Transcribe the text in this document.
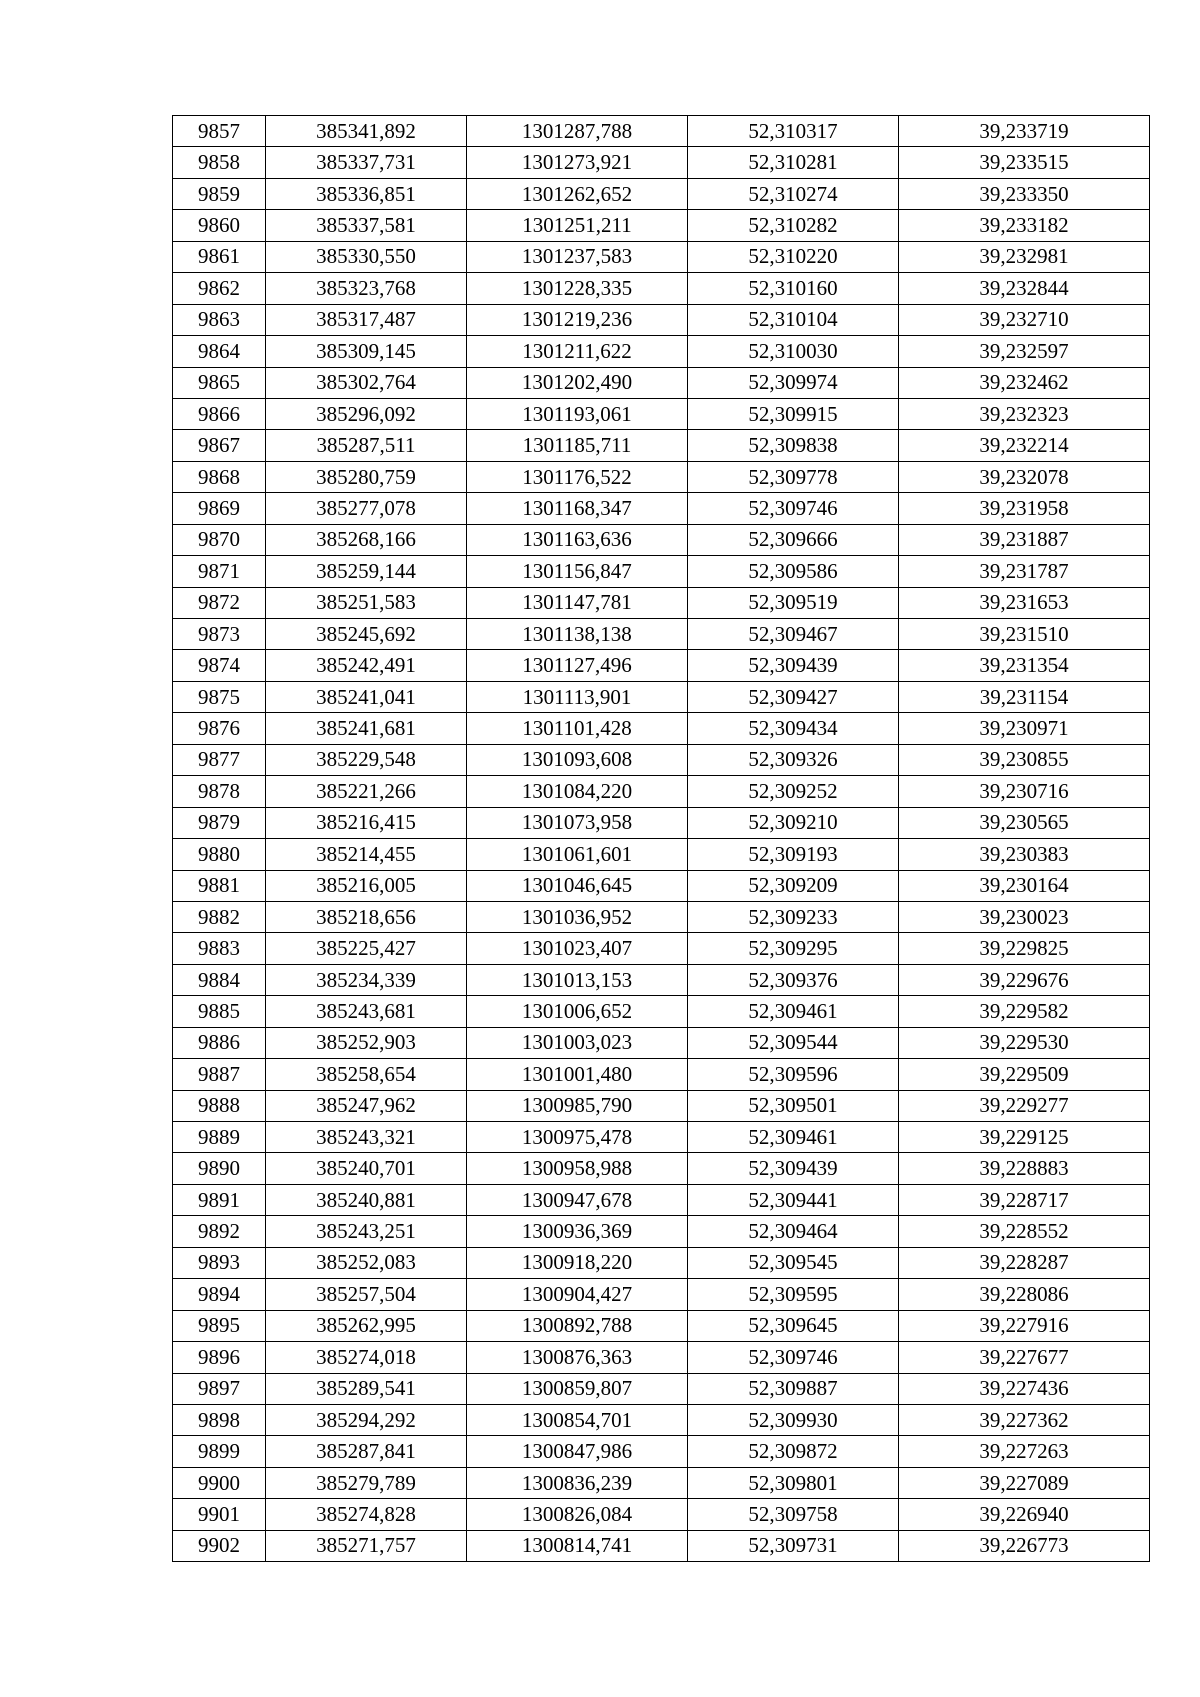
9857	385341,892	1301287,788	52,310317	39,233719
9858	385337,731	1301273,921	52,310281	39,233515
9859	385336,851	1301262,652	52,310274	39,233350
9860	385337,581	1301251,211	52,310282	39,233182
9861	385330,550	1301237,583	52,310220	39,232981
9862	385323,768	1301228,335	52,310160	39,232844
9863	385317,487	1301219,236	52,310104	39,232710
9864	385309,145	1301211,622	52,310030	39,232597
9865	385302,764	1301202,490	52,309974	39,232462
9866	385296,092	1301193,061	52,309915	39,232323
9867	385287,511	1301185,711	52,309838	39,232214
9868	385280,759	1301176,522	52,309778	39,232078
9869	385277,078	1301168,347	52,309746	39,231958
9870	385268,166	1301163,636	52,309666	39,231887
9871	385259,144	1301156,847	52,309586	39,231787
9872	385251,583	1301147,781	52,309519	39,231653
9873	385245,692	1301138,138	52,309467	39,231510
9874	385242,491	1301127,496	52,309439	39,231354
9875	385241,041	1301113,901	52,309427	39,231154
9876	385241,681	1301101,428	52,309434	39,230971
9877	385229,548	1301093,608	52,309326	39,230855
9878	385221,266	1301084,220	52,309252	39,230716
9879	385216,415	1301073,958	52,309210	39,230565
9880	385214,455	1301061,601	52,309193	39,230383
9881	385216,005	1301046,645	52,309209	39,230164
9882	385218,656	1301036,952	52,309233	39,230023
9883	385225,427	1301023,407	52,309295	39,229825
9884	385234,339	1301013,153	52,309376	39,229676
9885	385243,681	1301006,652	52,309461	39,229582
9886	385252,903	1301003,023	52,309544	39,229530
9887	385258,654	1301001,480	52,309596	39,229509
9888	385247,962	1300985,790	52,309501	39,229277
9889	385243,321	1300975,478	52,309461	39,229125
9890	385240,701	1300958,988	52,309439	39,228883
9891	385240,881	1300947,678	52,309441	39,228717
9892	385243,251	1300936,369	52,309464	39,228552
9893	385252,083	1300918,220	52,309545	39,228287
9894	385257,504	1300904,427	52,309595	39,228086
9895	385262,995	1300892,788	52,309645	39,227916
9896	385274,018	1300876,363	52,309746	39,227677
9897	385289,541	1300859,807	52,309887	39,227436
9898	385294,292	1300854,701	52,309930	39,227362
9899	385287,841	1300847,986	52,309872	39,227263
9900	385279,789	1300836,239	52,309801	39,227089
9901	385274,828	1300826,084	52,309758	39,226940
9902	385271,757	1300814,741	52,309731	39,226773
